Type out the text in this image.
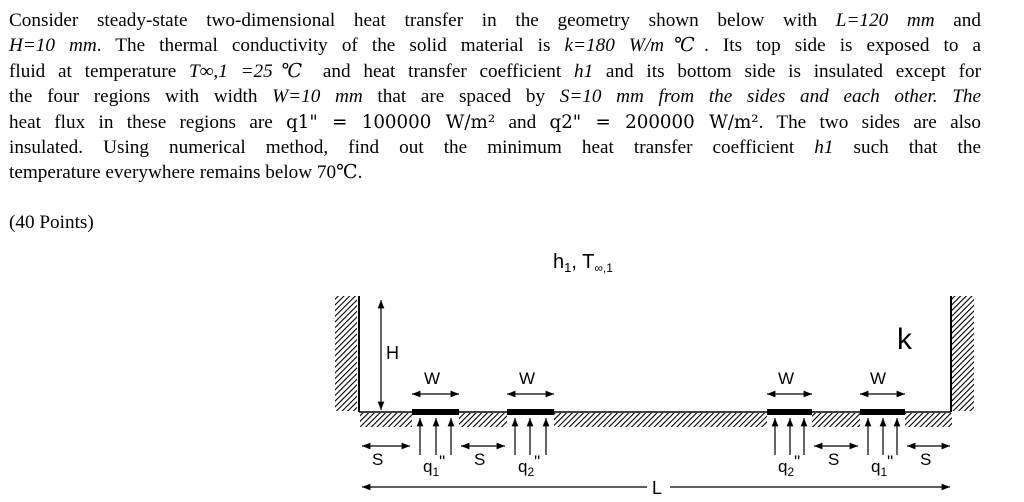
Consider steady-state two-dimensional heat transfer in the geometry shown below with L=120 mm and
H=10 mm. The thermal conductivity of the solid material is k=180 W/m℃. Its top side is exposed to a
fluid at temperature T∞,1 =25℃ and heat transfer coefficient h1 and its bottom side is insulated except for
the four regions with width W=10 mm that are spaced by S=10 mm from the sides and each other. The
heat flux in these regions are q1" = 100000 W/m² and q2" = 200000 W/m². The two sides are also
insulated. Using numerical method, find out the minimum heat transfer coefficient h1 such that the
temperature everywhere remains below 70℃.
(40 Points)
$h_1$, $T_{\infty,1}$
H	k
W	W	W	W
$q_1$"	$q_2$"	$q_2$"	$q_1$"
S	S	S	S
L
